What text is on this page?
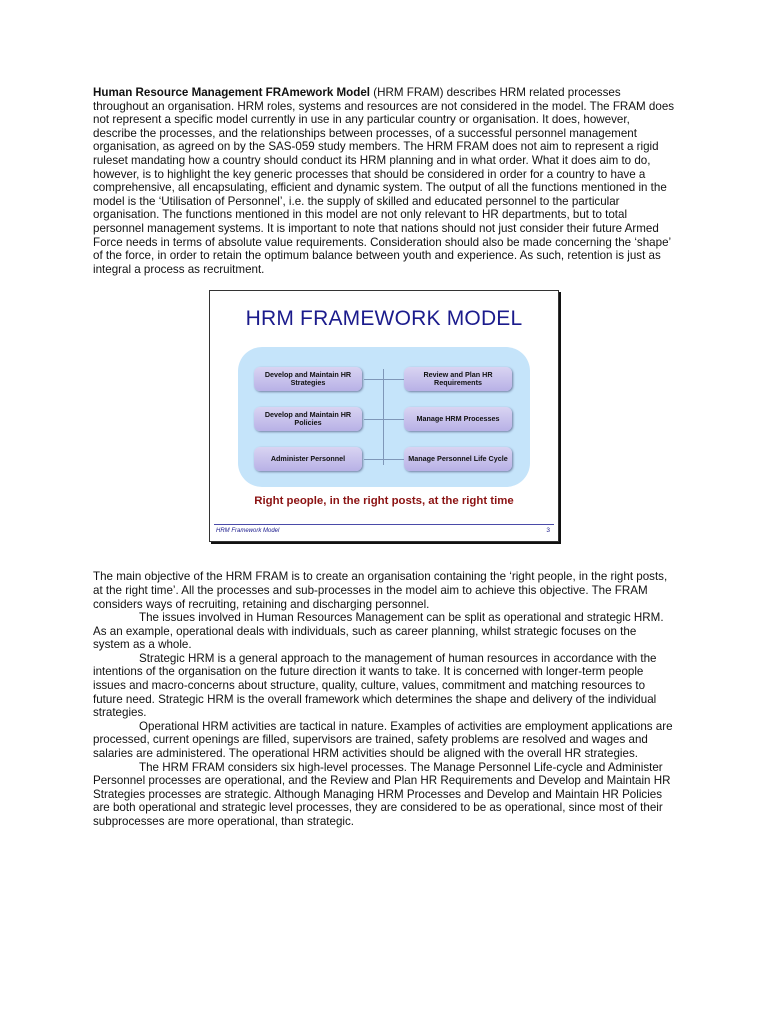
Human Resource Management FRAmework Model (HRM FRAM) describes HRM related processes throughout an organisation. HRM roles, systems and resources are not considered in the model. The FRAM does not represent a specific model currently in use in any particular country or organisation. It does, however, describe the processes, and the relationships between processes, of a successful personnel management organisation, as agreed on by the SAS-059 study members. The HRM FRAM does not aim to represent a rigid ruleset mandating how a country should conduct its HRM planning and in what order. What it does aim to do, however, is to highlight the key generic processes that should be considered in order for a country to have a comprehensive, all encapsulating, efficient and dynamic system. The output of all the functions mentioned in the model is the ‘Utilisation of Personnel’, i.e. the supply of skilled and educated personnel to the particular organisation. The functions mentioned in this model are not only relevant to HR departments, but to total personnel management systems. It is important to note that nations should not just consider their future Armed Force needs in terms of absolute value requirements. Consideration should also be made concerning the ‘shape’ of the force, in order to retain the optimum balance between youth and experience. As such, retention is just as integral a process as recruitment.

HRM FRAMEWORK MODEL
Develop and Maintain HR Strategies
Develop and Maintain HR Policies
Administer Personnel
Review and Plan HR Requirements
Manage HRM Processes
Manage Personnel Life Cycle
Right people, in the right posts, at the right time
HRM Framework Model	3

The main objective of the HRM FRAM is to create an organisation containing the ‘right people, in the right posts, at the right time’. All the processes and sub-processes in the model aim to achieve this objective. The FRAM considers ways of recruiting, retaining and discharging personnel.

The issues involved in Human Resources Management can be split as operational and strategic HRM. As an example, operational deals with individuals, such as career planning, whilst strategic focuses on the system as a whole.

Strategic HRM is a general approach to the management of human resources in accordance with the intentions of the organisation on the future direction it wants to take. It is concerned with longer-term people issues and macro-concerns about structure, quality, culture, values, commitment and matching resources to future need. Strategic HRM is the overall framework which determines the shape and delivery of the individual strategies.

Operational HRM activities are tactical in nature. Examples of activities are employment applications are processed, current openings are filled, supervisors are trained, safety problems are resolved and wages and salaries are administered. The operational HRM activities should be aligned with the overall HR strategies.

The HRM FRAM considers six high-level processes. The Manage Personnel Life-cycle and Administer Personnel processes are operational, and the Review and Plan HR Requirements and Develop and Maintain HR Strategies processes are strategic. Although Managing HRM Processes and Develop and Maintain HR Policies are both operational and strategic level processes, they are considered to be as operational, since most of their subprocesses are more operational, than strategic.
